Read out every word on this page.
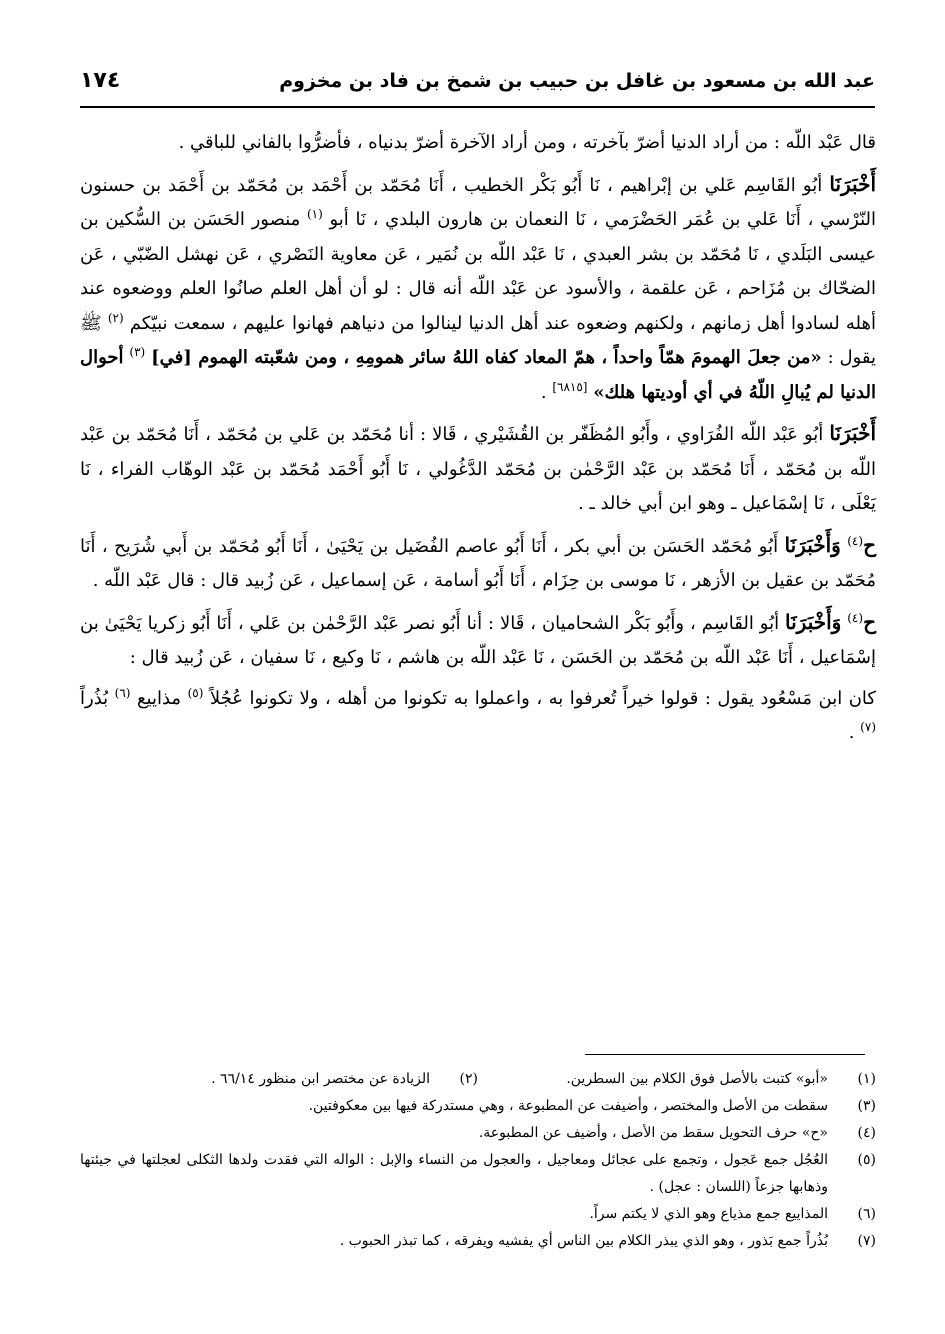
عبد الله بن مسعود بن غافل بن حبيب بن شمخ بن فاد بن مخزوم
١٧٤

قال عَبْد اللّه : من أراد الدنيا أضرّ بآخرته ، ومن أراد الآخرة أضرّ بدنياه ، فأضرُّوا بالفاني للباقي .

أَخْبَرَنَا أبُو القَاسِم عَلي بن إبْراهيم ، نَا أَبُو بَكْر الخطيب ، أَنَا مُحَمّد بن أَحْمَد بن مُحَمّد بن أَحْمَد بن حسنون النّرْسي ، أَنَا عَلي بن عُمَر الحَضْرَمي ، نَا النعمان بن هارون البلدي ، نَا أبو $^{(١)}$ منصور الحَسَن بن السُّكين بن عيسى البَلَدي ، نَا مُحَمّد بن بشر العبدي ، نَا عَبْد اللّه بن نُمَير ، عَن معاوية النَصْري ، عَن نهشل الضّبّي ، عَن الضحّاك بن مُزَاحم ، عَن علقمة ، والأسود عن عَبْد اللّه أنه قال : لو أن أهل العلم صانُوا العلم ووضعوه عند أهله لسادوا أهل زمانهم ، ولكنهم وضعوه عند أهل الدنيا لينالوا من دنياهم فهانوا عليهم ، سمعت نبيّكم $^{(٢)}$ ﷺ يقول : «من جعلَ الهمومَ همّاً واحداً ، همّ المعاد كفاه اللهُ سائر همومِهِ ، ومن شعّبته الهموم [في] $^{(٣)}$ أحوال الدنيا لم يُبالِ اللّهُ في أي أوديتها هلك» [٦٨١٥] .

أَخْبَرَنَا أبُو عَبْد اللّه الفُرَاوي ، وأَبُو المُظَفّر بن القُشَيْري ، قَالا : أنا مُحَمّد بن عَلي بن مُحَمّد ، أَنَا مُحَمّد بن عَبْد اللّه بن مُحَمّد ، أَنَا مُحَمّد بن عَبْد الرَّحْمٰن بن مُحَمّد الدَّغُولي ، نَا أَبُو أَحْمَد مُحَمّد بن عَبْد الوهّاب الفراء ، نَا يَعْلَى ، نَا إسْمَاعيل ـ وهو ابن أبي خالد ـ .

ح$^{(٤)}$ وَأَخْبَرَنَا أَبُو مُحَمّد الحَسَن بن أبي بكر ، أَنَا أَبُو عاصم الفُضَيل بن يَحْيَىٰ ، أَنَا أَبُو مُحَمّد بن أَبي شُرَيح ، أَنَا مُحَمّد بن عقيل بن الأزهر ، نَا موسى بن حِزَام ، أَنَا أَبُو أسامة ، عَن إسماعيل ، عَن زُبيد قال : قال عَبْد اللّه .

ح$^{(٤)}$ وَأَخْبَرَنَا أبُو القَاسِم ، وأَبُو بَكْر الشحاميان ، قَالا : أنا أَبُو نصر عَبْد الرَّحْمٰن بن عَلي ، أَنَا أَبُو زكريا يَحْيَىٰ بن إسْمَاعيل ، أَنَا عَبْد اللّه بن مُحَمّد بن الحَسَن ، نَا عَبْد اللّه بن هاشم ، نَا وكيع ، نَا سفيان ، عَن زُبيد قال :

كان ابن مَسْعُود يقول : قولوا خيراً تُعرفوا به ، واعملوا به تكونوا من أهله ، ولا تكونوا عُجُلاً $^{(٥)}$ مذاييع $^{(٦)}$ بُذُراً $^{(٧)}$ .

(١)
«أبو» كتبت بالأصل فوق الكلام بين السطرين.
(٢)
الزيادة عن مختصر ابن منظور ٦٦/١٤ .
(٣)
سقطت من الأصل والمختصر ، وأضيفت عن المطبوعة ، وهي مستدركة فيها بين معكوفتين.
(٤)
«ح» حرف التحويل سقط من الأصل ، وأضيف عن المطبوعة.
(٥)
العُجُل جمع عَجول ، وتجمع على عجائل ومعاجيل ، والعجول من النساء والإبل : الواله التي فقدت ولدها الثكلى لعجلتها في جيئتها وذهابها جزعاً (اللسان : عجل) .
(٦)
المذاييع جمع مذياع وهو الذي لا يكتم سراً.
(٧)
بُذُراً جمع بَذور ، وهو الذي يبذر الكلام بين الناس أي يفشيه ويفرقه ، كما تبذر الحبوب .
